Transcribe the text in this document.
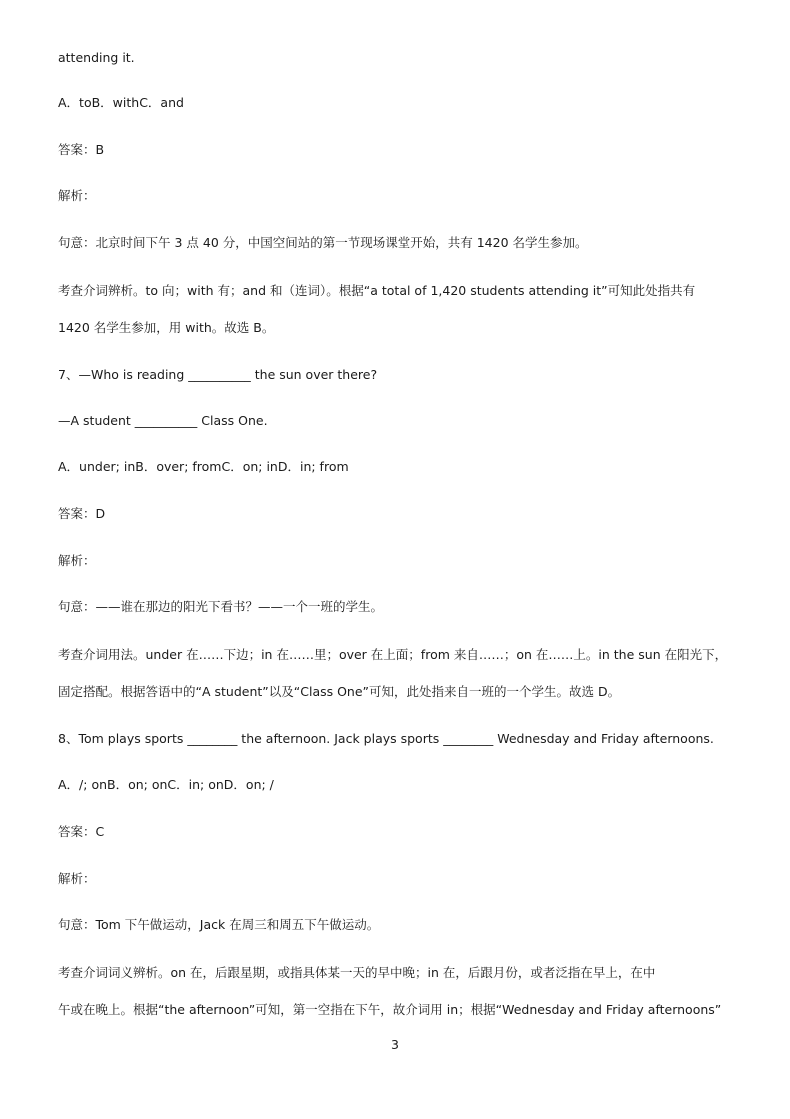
attending it.
A．toB．withC．and
答案：B
解析：
句意：北京时间下午 3 点 40 分，中国空间站的第一节现场课堂开始，共有 1420 名学生参加。
考查介词辨析。to 向；with 有；and 和（连词）。根据“a total of 1,420 students attending it”可知此处指共有
1420 名学生参加，用 with。故选 B。
7、—Who is reading __________ the sun over there?
—A student __________ Class One.
A．under; inB．over; fromC．on; inD．in; from
答案：D
解析：
句意：——谁在那边的阳光下看书？——一个一班的学生。
考查介词用法。under 在……下边；in 在……里；over 在上面；from 来自……；on 在……上。in the sun 在阳光下，
固定搭配。根据答语中的“A student”以及“Class One”可知，此处指来自一班的一个学生。故选 D。
8、Tom plays sports ________ the afternoon. Jack plays sports ________ Wednesday and Friday afternoons.
A．/; onB．on; onC．in; onD．on; /
答案：C
解析：
句意：Tom 下午做运动，Jack 在周三和周五下午做运动。
考查介词词义辨析。on 在，后跟星期，或指具体某一天的早中晚；in 在，后跟月份，或者泛指在早上，在中
午或在晚上。根据“the afternoon”可知，第一空指在下午，故介词用 in；根据“Wednesday and Friday afternoons”
3
